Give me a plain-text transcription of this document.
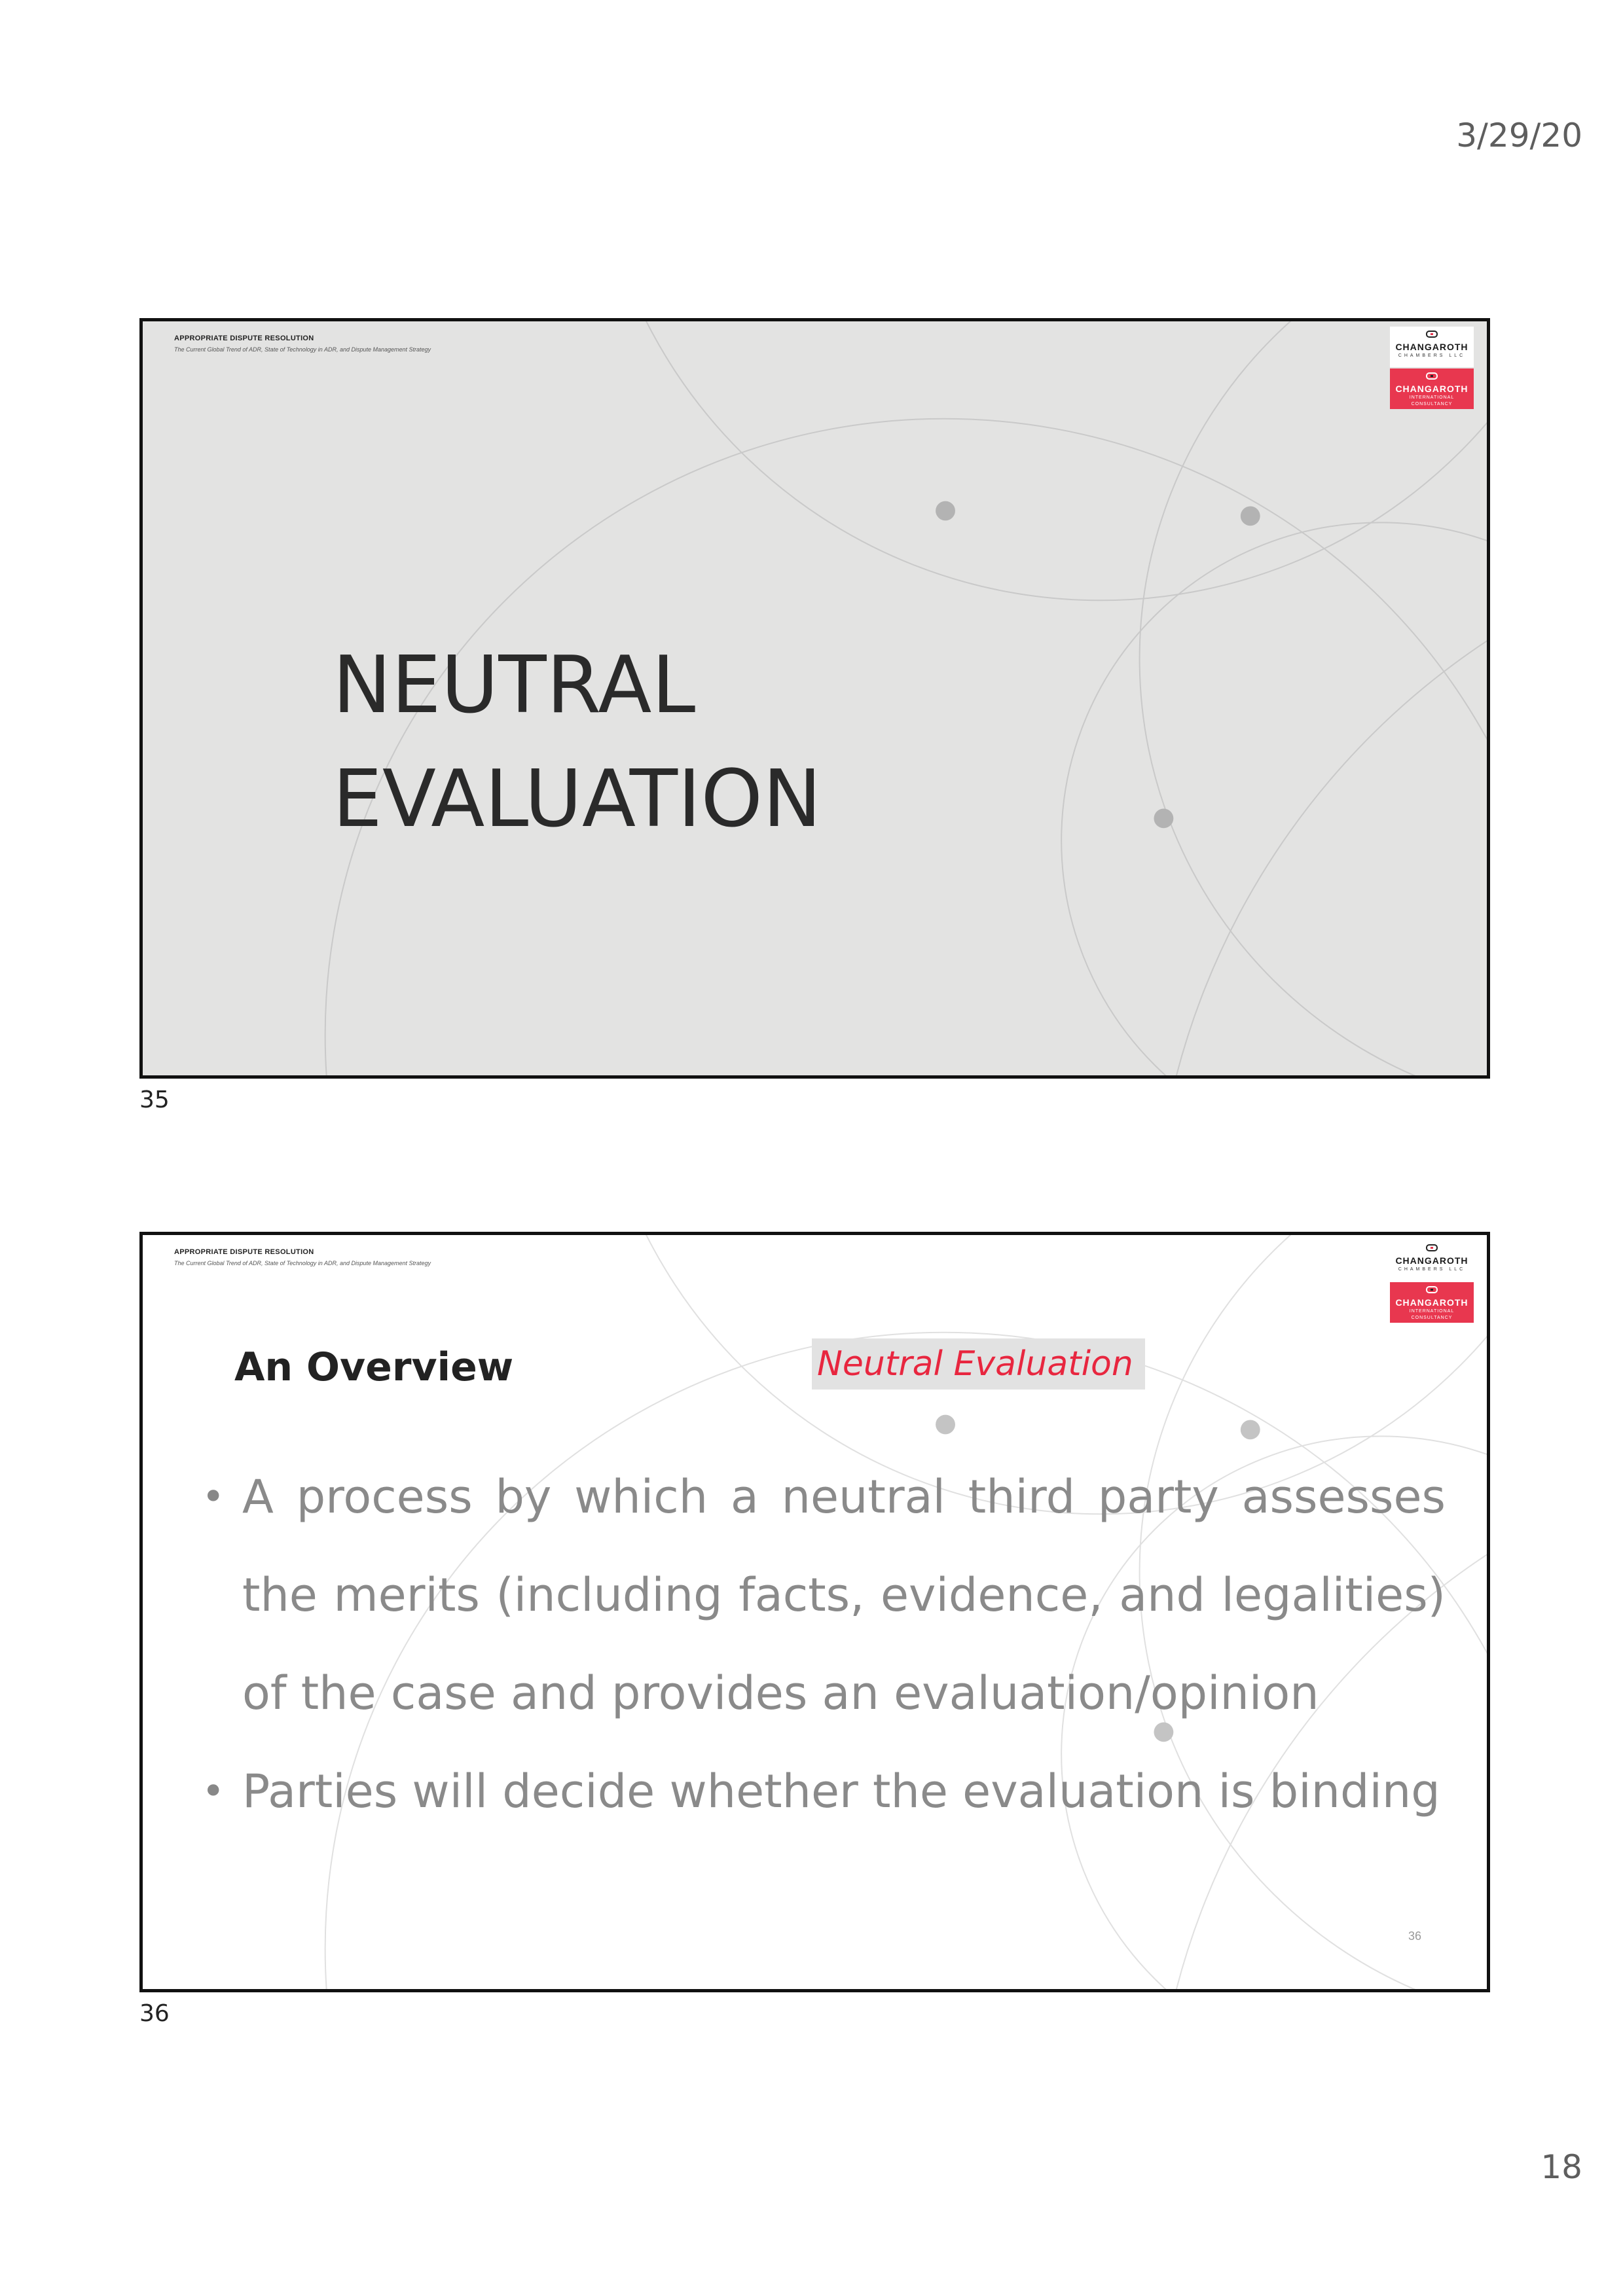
3/29/20
APPROPRIATE DISPUTE RESOLUTION
The Current Global Trend of ADR, State of Technology in ADR, and Dispute Management Strategy	CHANGAROTH
CHAMBERS LLC
CHANGAROTH
INTERNATIONAL CONSULTANCY
NEUTRAL
EVALUATION
35
APPROPRIATE DISPUTE RESOLUTION
The Current Global Trend of ADR, State of Technology in ADR, and Dispute Management Strategy	CHANGAROTH
CHAMBERS LLC
CHANGAROTH
INTERNATIONAL CONSULTANCY
An Overview	Neutral Evaluation
• A process by which a neutral third party assesses the merits (including facts, evidence, and legalities) of the case and provides an evaluation/opinion
• Parties will decide whether the evaluation is binding
36
36
18
